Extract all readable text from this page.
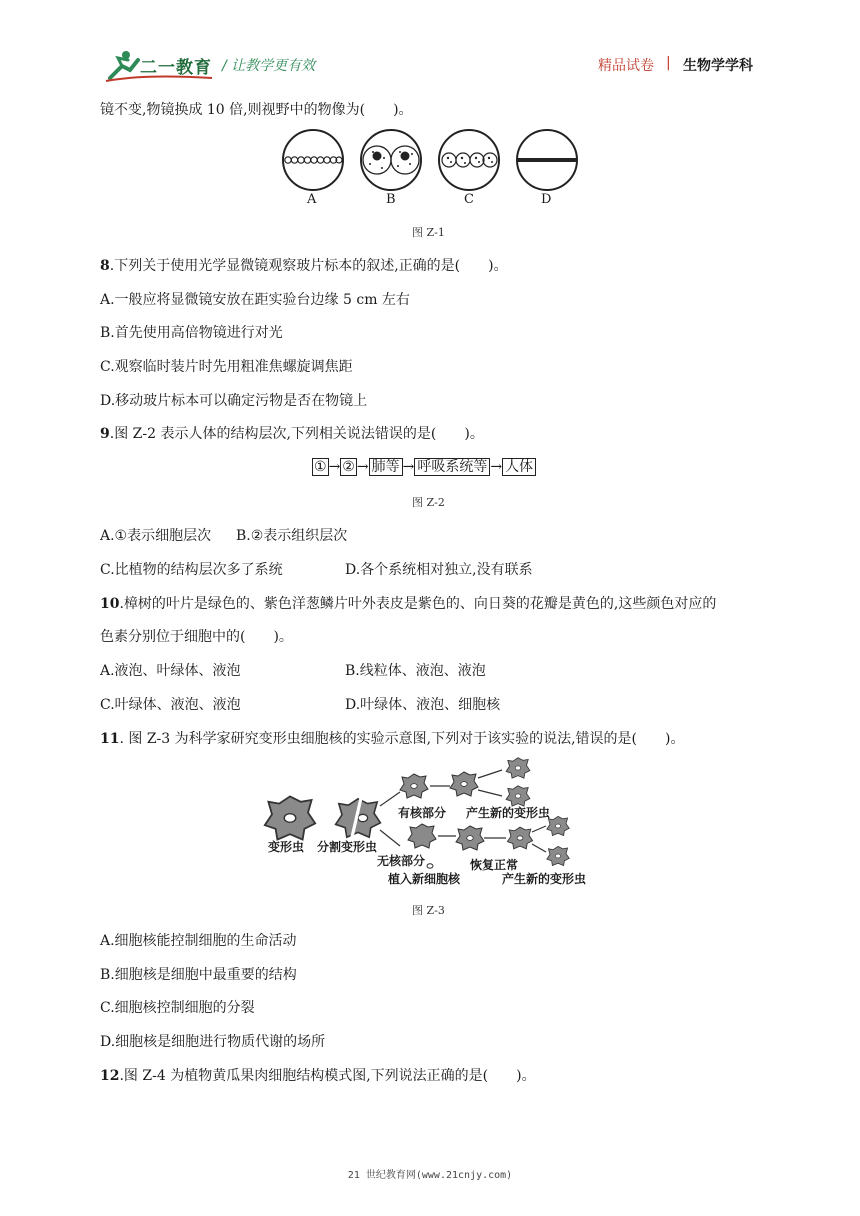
二一教育 / 让教学更有效	精品试卷 | 生物学学科
镜不变,物镜换成 10 倍,则视野中的物像为(　　)。
A	B	C	D
图 Z-1
8.下列关于使用光学显微镜观察玻片标本的叙述,正确的是(　　)。
A.一般应将显微镜安放在距实验台边缘 5 cm 左右
B.首先使用高倍物镜进行对光
C.观察临时装片时先用粗准焦螺旋调焦距
D.移动玻片标本可以确定污物是否在物镜上
9.图 Z-2 表示人体的结构层次,下列相关说法错误的是(　　)。
① → ② → 肺等 → 呼吸系统等 → 人体
图 Z-2
A.①表示细胞层次 B.②表示组织层次
C.比植物的结构层次多了系统	D.各个系统相对独立,没有联系
10.樟树的叶片是绿色的、紫色洋葱鳞片叶外表皮是紫色的、向日葵的花瓣是黄色的,这些颜色对应的
色素分别位于细胞中的(　　)。
A.液泡、叶绿体、液泡	B.线粒体、液泡、液泡
C.叶绿体、液泡、液泡	D.叶绿体、液泡、细胞核
11. 图 Z-3 为科学家研究变形虫细胞核的实验示意图,下列对于该实验的说法,错误的是(　　)。
变形虫 分割变形虫
有核部分 产生新的变形虫
无核部分	恢复正常
植入新细胞核	产生新的变形虫
图 Z-3
A.细胞核能控制细胞的生命活动
B.细胞核是细胞中最重要的结构
C.细胞核控制细胞的分裂
D.细胞核是细胞进行物质代谢的场所
12.图 Z-4 为植物黄瓜果肉细胞结构模式图,下列说法正确的是(　　)。
21 世纪教育网(www.21cnjy.com)
